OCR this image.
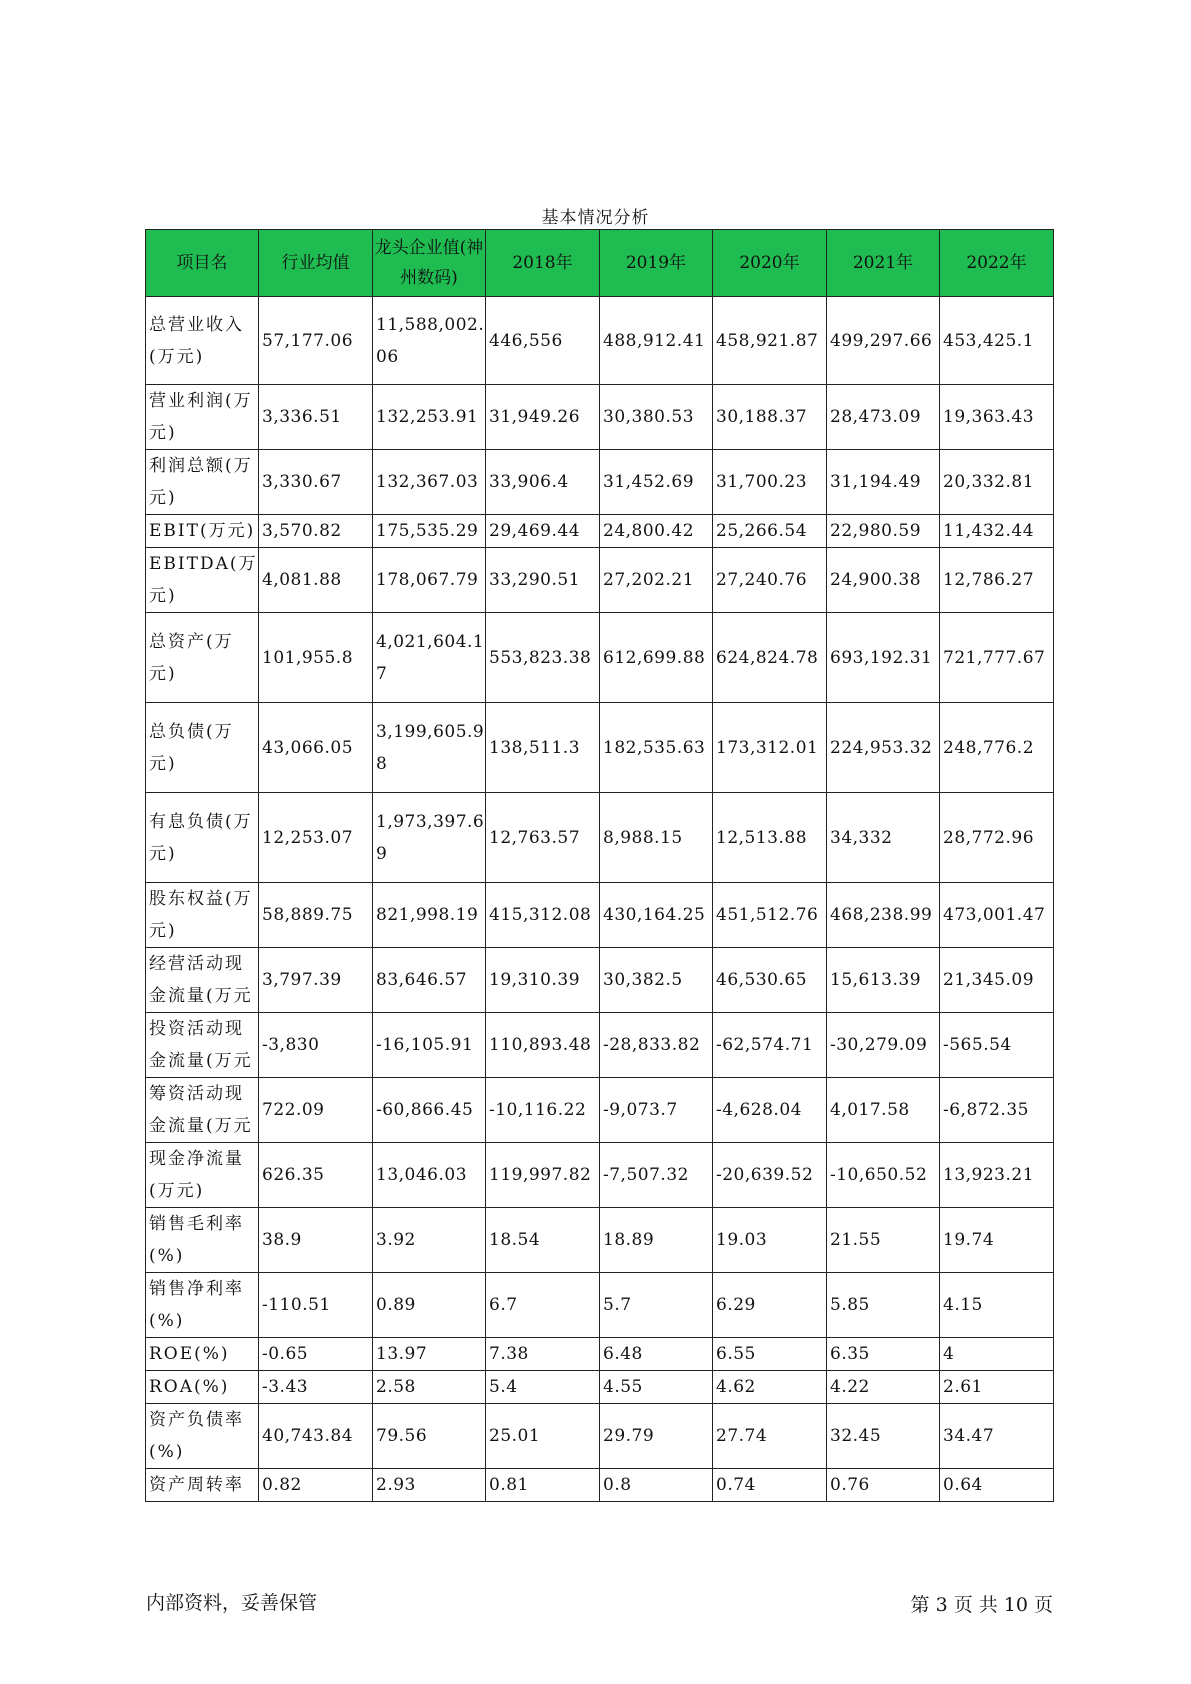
基本情况分析
项目名	行业均值	龙头企业值(神州数码)	2018年	2019年	2020年	2021年	2022年
总营业收入(万元)	57,177.06	11,588,002.06	446,556	488,912.41	458,921.87	499,297.66	453,425.1
营业利润(万元)	3,336.51	132,253.91	31,949.26	30,380.53	30,188.37	28,473.09	19,363.43
利润总额(万元)	3,330.67	132,367.03	33,906.4	31,452.69	31,700.23	31,194.49	20,332.81
EBIT(万元)	3,570.82	175,535.29	29,469.44	24,800.42	25,266.54	22,980.59	11,432.44
EBITDA(万元)	4,081.88	178,067.79	33,290.51	27,202.21	27,240.76	24,900.38	12,786.27
总资产(万元)	101,955.8	4,021,604.17	553,823.38	612,699.88	624,824.78	693,192.31	721,777.67
总负债(万元)	43,066.05	3,199,605.98	138,511.3	182,535.63	173,312.01	224,953.32	248,776.2
有息负债(万元)	12,253.07	1,973,397.69	12,763.57	8,988.15	12,513.88	34,332	28,772.96
股东权益(万元)	58,889.75	821,998.19	415,312.08	430,164.25	451,512.76	468,238.99	473,001.47
经营活动现金流量(万元	3,797.39	83,646.57	19,310.39	30,382.5	46,530.65	15,613.39	21,345.09
投资活动现金流量(万元	-3,830	-16,105.91	110,893.48	-28,833.82	-62,574.71	-30,279.09	-565.54
筹资活动现金流量(万元	722.09	-60,866.45	-10,116.22	-9,073.7	-4,628.04	4,017.58	-6,872.35
现金净流量(万元)	626.35	13,046.03	119,997.82	-7,507.32	-20,639.52	-10,650.52	13,923.21
销售毛利率(%)	38.9	3.92	18.54	18.89	19.03	21.55	19.74
销售净利率(%)	-110.51	0.89	6.7	5.7	6.29	5.85	4.15
ROE(%)	-0.65	13.97	7.38	6.48	6.55	6.35	4
ROA(%)	-3.43	2.58	5.4	4.55	4.62	4.22	2.61
资产负债率(%)	40,743.84	79.56	25.01	29.79	27.74	32.45	34.47
资产周转率	0.82	2.93	0.81	0.8	0.74	0.76	0.64
内部资料，妥善保管	第 3 页 共 10 页
